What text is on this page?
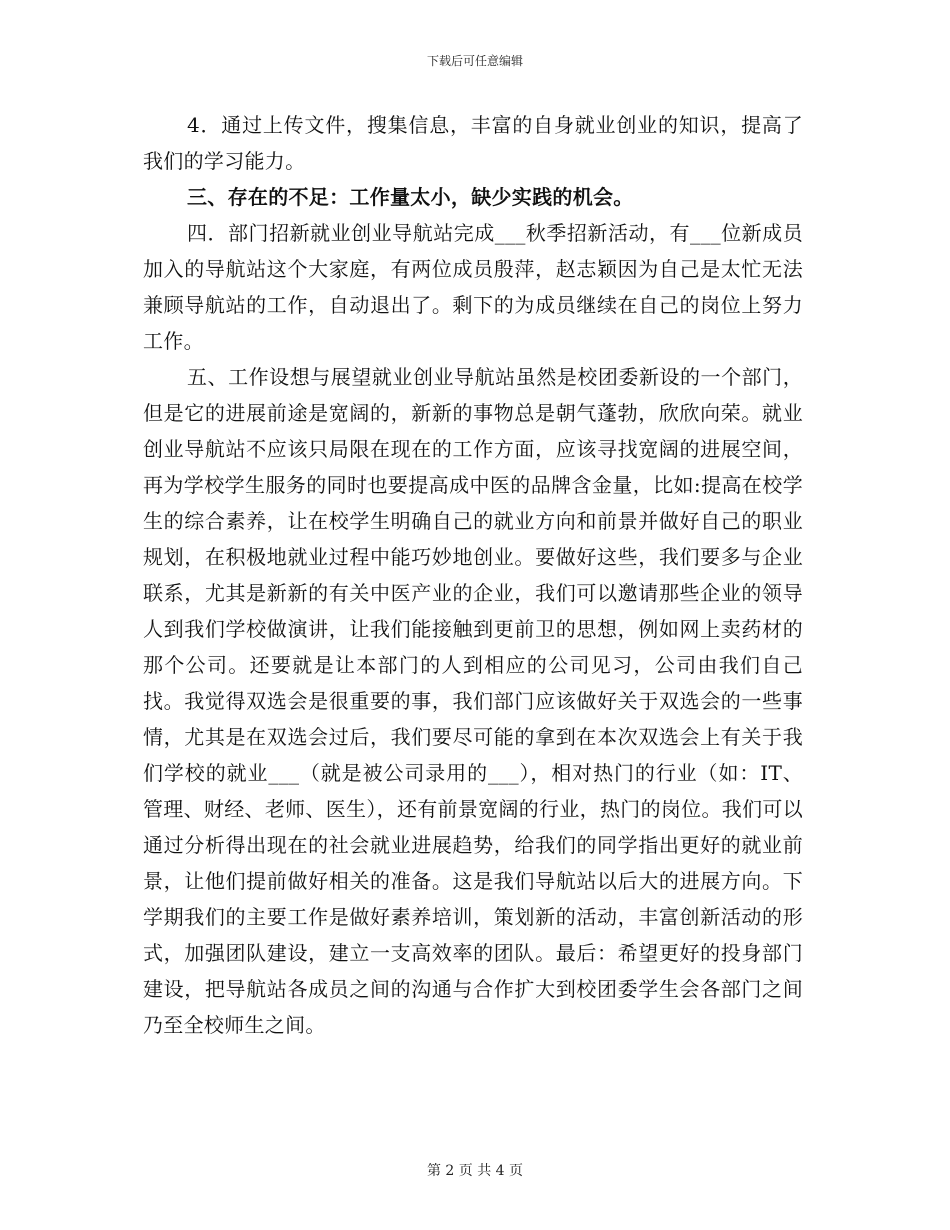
下载后可任意编辑

4．通过上传文件，搜集信息，丰富的自身就业创业的知识，提高了我们的学习能力。

三、存在的不足：工作量太小，缺少实践的机会。

四．部门招新就业创业导航站完成___秋季招新活动，有___位新成员加入的导航站这个大家庭，有两位成员殷萍，赵志颖因为自己是太忙无法兼顾导航站的工作，自动退出了。剩下的为成员继续在自己的岗位上努力工作。

五、工作设想与展望就业创业导航站虽然是校团委新设的一个部门，但是它的进展前途是宽阔的，新新的事物总是朝气蓬勃，欣欣向荣。就业创业导航站不应该只局限在现在的工作方面，应该寻找宽阔的进展空间，再为学校学生服务的同时也要提高成中医的品牌含金量，比如:提高在校学生的综合素养，让在校学生明确自己的就业方向和前景并做好自己的职业规划，在积极地就业过程中能巧妙地创业。要做好这些，我们要多与企业联系，尤其是新新的有关中医产业的企业，我们可以邀请那些企业的领导人到我们学校做演讲，让我们能接触到更前卫的思想，例如网上卖药材的那个公司。还要就是让本部门的人到相应的公司见习，公司由我们自己找。我觉得双选会是很重要的事，我们部门应该做好关于双选会的一些事情，尤其是在双选会过后，我们要尽可能的拿到在本次双选会上有关于我们学校的就业___（就是被公司录用的___），相对热门的行业（如：IT、管理、财经、老师、医生），还有前景宽阔的行业，热门的岗位。我们可以通过分析得出现在的社会就业进展趋势，给我们的同学指出更好的就业前景，让他们提前做好相关的准备。这是我们导航站以后大的进展方向。下学期我们的主要工作是做好素养培训，策划新的活动，丰富创新活动的形式，加强团队建设，建立一支高效率的团队。最后：希望更好的投身部门建设，把导航站各成员之间的沟通与合作扩大到校团委学生会各部门之间乃至全校师生之间。

第 2 页 共 4 页
